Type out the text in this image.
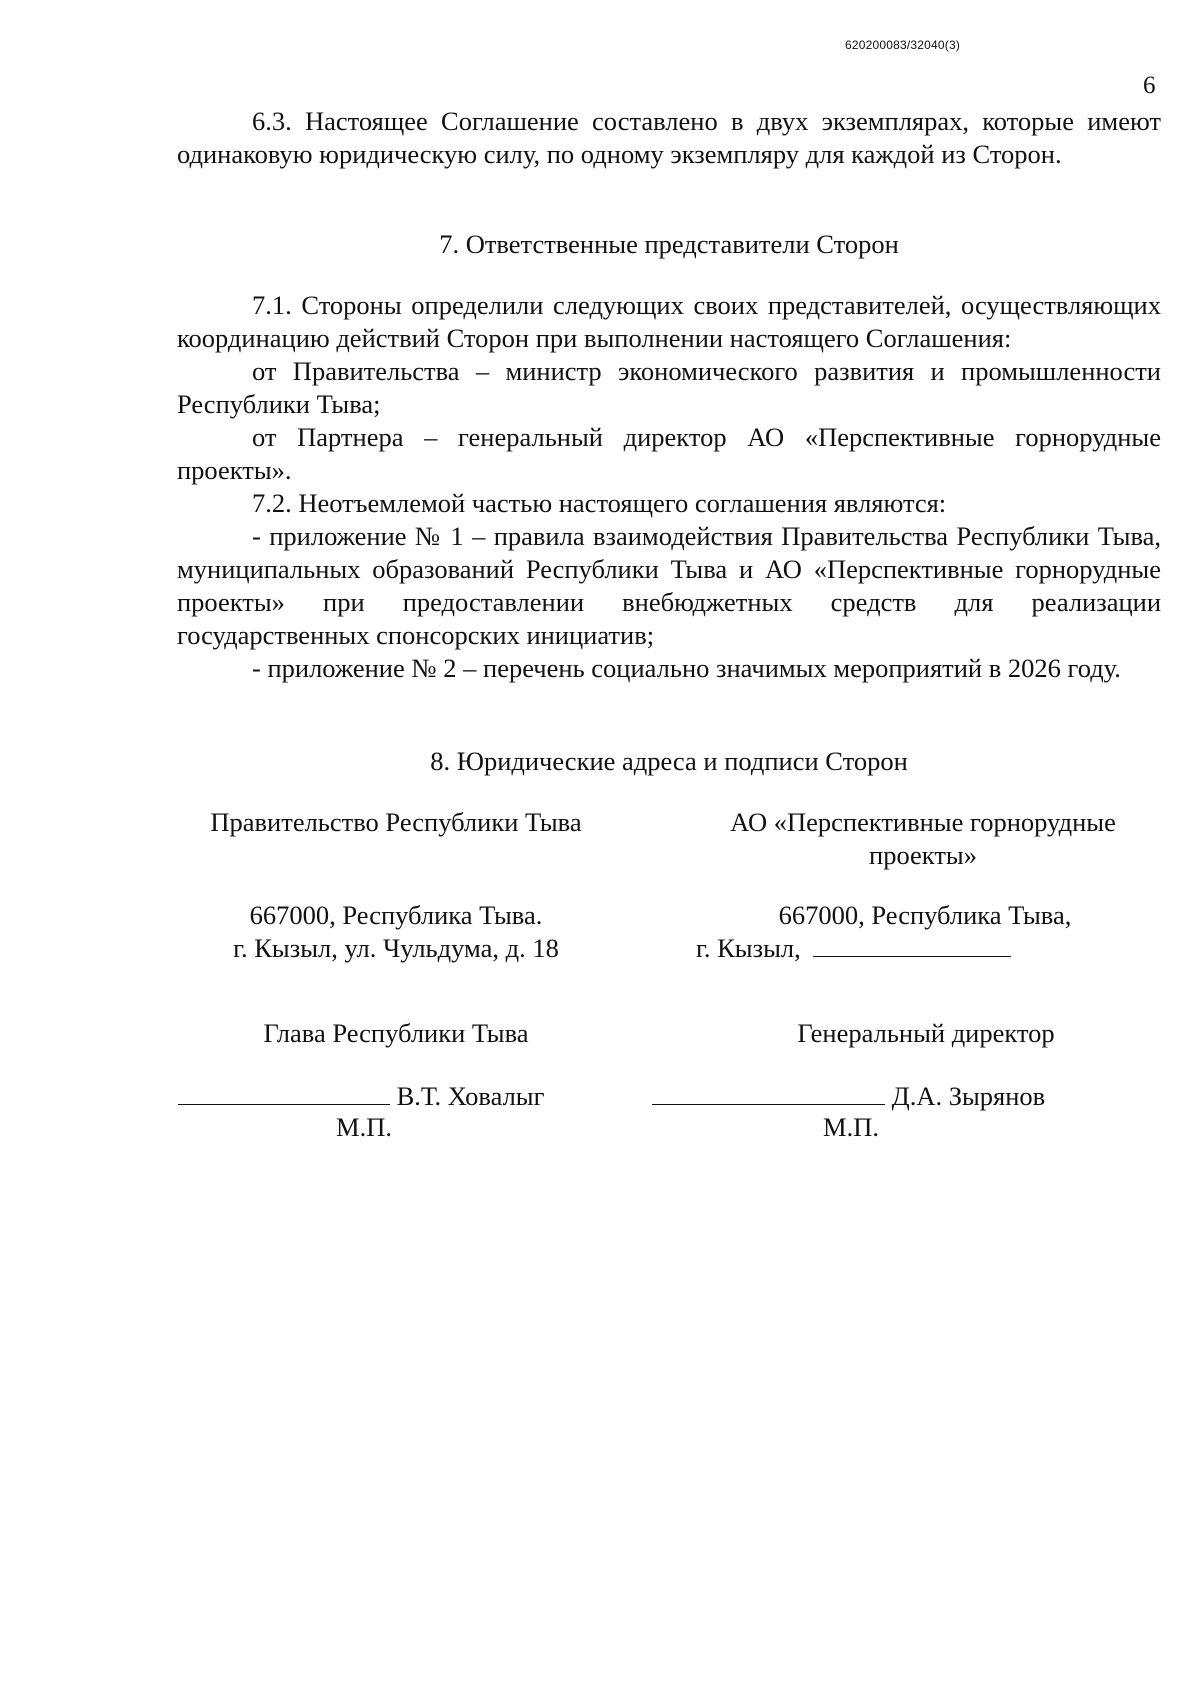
620200083/32040(3)
6

6.3. Настоящее Соглашение составлено в двух экземплярах, которые имеют одинаковую юридическую силу, по одному экземпляру для каждой из Сторон.

7. Ответственные представители Сторон

7.1. Стороны определили следующих своих представителей, осуществляющих координацию действий Сторон при выполнении настоящего Соглашения:

от Правительства – министр экономического развития и промышленности Республики Тыва;

от Партнера – генеральный директор АО «Перспективные горнорудные проекты».

7.2. Неотъемлемой частью настоящего соглашения являются:

- приложение № 1 – правила взаимодействия Правительства Республики Тыва, муниципальных образований Республики Тыва и АО «Перспективные горнорудные проекты» при предоставлении внебюджетных средств для реализации государственных спонсорских инициатив;

- приложение № 2 – перечень социально значимых мероприятий в 2026 году.

8. Юридические адреса и подписи Сторон

Правительство Республики Тыва
667000, Республика Тыва.
г. Кызыл, ул. Чульдума, д. 18
Глава Республики Тыва
В.Т. Ховалыг
М.П.
АО «Перспективные горнорудные
проекты»
667000, Республика Тыва,
г. Кызыл,
Генеральный директор
Д.А. Зырянов
М.П.
